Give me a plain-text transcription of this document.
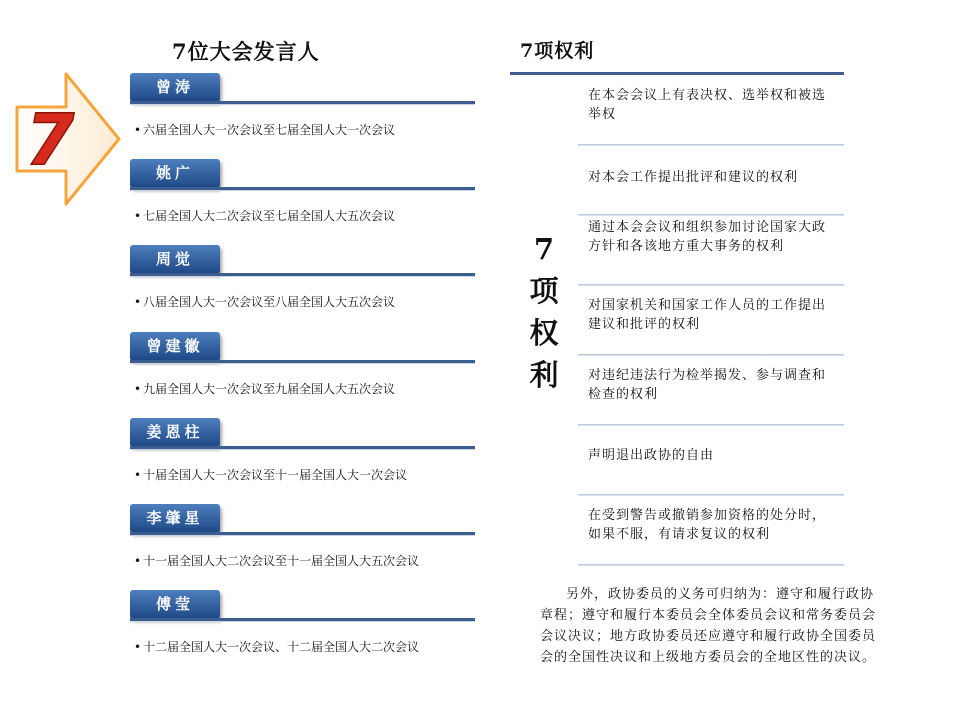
7位大会发言人	7项权利
7
曾涛
• 六届全国人大一次会议至七届全国人大一次会议
姚广
• 七届全国人大二次会议至七届全国人大五次会议
周觉
• 八届全国人大一次会议至八届全国人大五次会议
曾建徽
• 九届全国人大一次会议至九届全国人大五次会议
姜恩柱
• 十届全国人大一次会议至十一届全国人大一次会议
李肇星
• 十一届全国人大二次会议至十一届全国人大五次会议
傅莹
• 十二届全国人大一次会议、十二届全国人大二次会议
7
项
权
利
在本会会议上有表决权、选举权和被选举权
对本会工作提出批评和建议的权利
通过本会会议和组织参加讨论国家大政方针和各该地方重大事务的权利
对国家机关和国家工作人员的工作提出建议和批评的权利
对违纪违法行为检举揭发、参与调查和检查的权利
声明退出政协的自由
在受到警告或撤销参加资格的处分时，如果不服，有请求复议的权利
另外，政协委员的义务可归纳为：遵守和履行政协章程；遵守和履行本委员会全体委员会议和常务委员会会议决议；地方政协委员还应遵守和履行政协全国委员会的全国性决议和上级地方委员会的全地区性的决议。
